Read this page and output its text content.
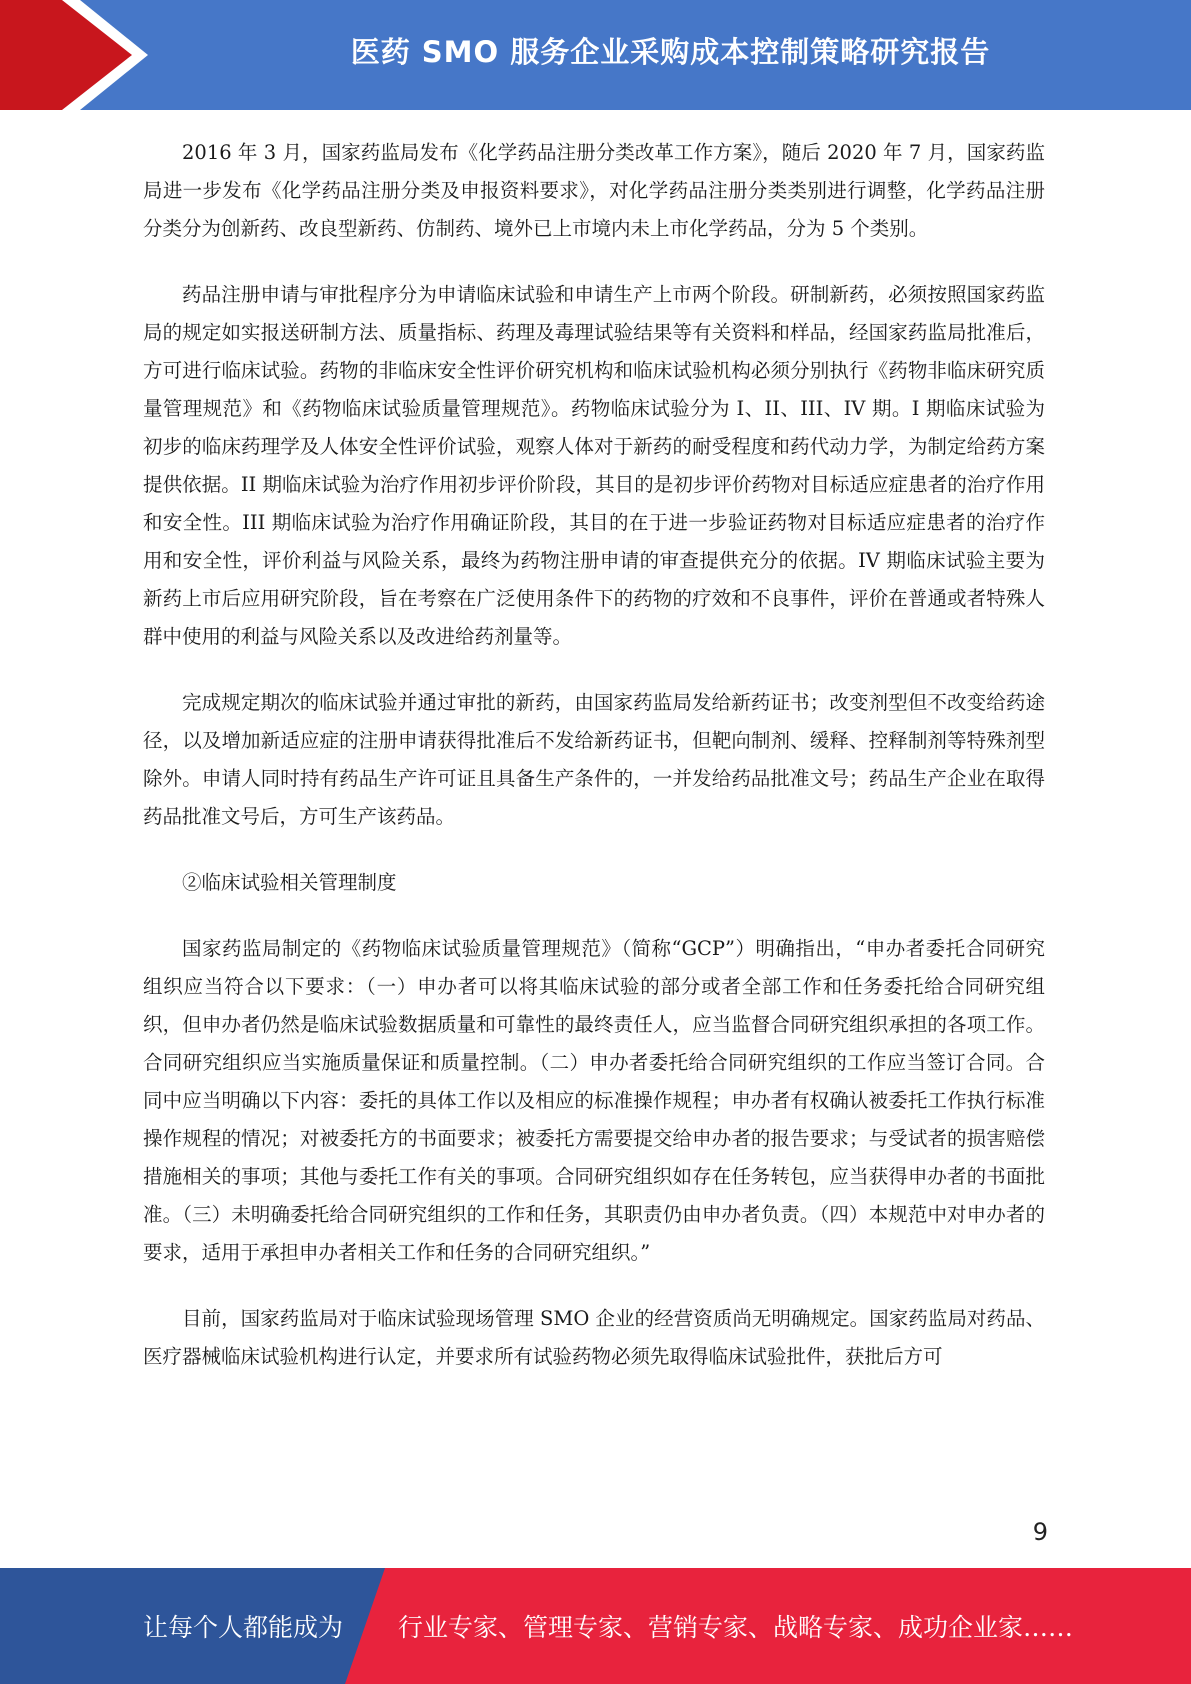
医药 SMO 服务企业采购成本控制策略研究报告

2016 年 3 月，国家药监局发布《化学药品注册分类改革工作方案》，随后 2020 年 7 月，国家药监局进一步发布《化学药品注册分类及申报资料要求》，对化学药品注册分类类别进行调整，化学药品注册分类分为创新药、改良型新药、仿制药、境外已上市境内未上市化学药品，分为 5 个类别。

药品注册申请与审批程序分为申请临床试验和申请生产上市两个阶段。研制新药，必须按照国家药监局的规定如实报送研制方法、质量指标、药理及毒理试验结果等有关资料和样品，经国家药监局批准后，方可进行临床试验。药物的非临床安全性评价研究机构和临床试验机构必须分别执行《药物非临床研究质量管理规范》和《药物临床试验质量管理规范》。药物临床试验分为 I、II、III、IV 期。I 期临床试验为初步的临床药理学及人体安全性评价试验，观察人体对于新药的耐受程度和药代动力学，为制定给药方案提供依据。II 期临床试验为治疗作用初步评价阶段，其目的是初步评价药物对目标适应症患者的治疗作用和安全性。III 期临床试验为治疗作用确证阶段，其目的在于进一步验证药物对目标适应症患者的治疗作用和安全性，评价利益与风险关系，最终为药物注册申请的审查提供充分的依据。IV 期临床试验主要为新药上市后应用研究阶段，旨在考察在广泛使用条件下的药物的疗效和不良事件，评价在普通或者特殊人群中使用的利益与风险关系以及改进给药剂量等。

完成规定期次的临床试验并通过审批的新药，由国家药监局发给新药证书；改变剂型但不改变给药途径，以及增加新适应症的注册申请获得批准后不发给新药证书，但靶向制剂、缓释、控释制剂等特殊剂型除外。申请人同时持有药品生产许可证且具备生产条件的，一并发给药品批准文号；药品生产企业在取得药品批准文号后，方可生产该药品。

②临床试验相关管理制度

国家药监局制定的《药物临床试验质量管理规范》（简称“GCP”）明确指出，“申办者委托合同研究组织应当符合以下要求：（一）申办者可以将其临床试验的部分或者全部工作和任务委托给合同研究组织，但申办者仍然是临床试验数据质量和可靠性的最终责任人，应当监督合同研究组织承担的各项工作。合同研究组织应当实施质量保证和质量控制。（二）申办者委托给合同研究组织的工作应当签订合同。合同中应当明确以下内容：委托的具体工作以及相应的标准操作规程；申办者有权确认被委托工作执行标准操作规程的情况；对被委托方的书面要求；被委托方需要提交给申办者的报告要求；与受试者的损害赔偿措施相关的事项；其他与委托工作有关的事项。合同研究组织如存在任务转包，应当获得申办者的书面批准。（三）未明确委托给合同研究组织的工作和任务，其职责仍由申办者负责。（四）本规范中对申办者的要求，适用于承担申办者相关工作和任务的合同研究组织。”

目前，国家药监局对于临床试验现场管理 SMO 企业的经营资质尚无明确规定。国家药监局对药品、医疗器械临床试验机构进行认定，并要求所有试验药物必须先取得临床试验批件，获批后方可

9
让每个人都能成为 行业专家、管理专家、营销专家、战略专家、成功企业家……
